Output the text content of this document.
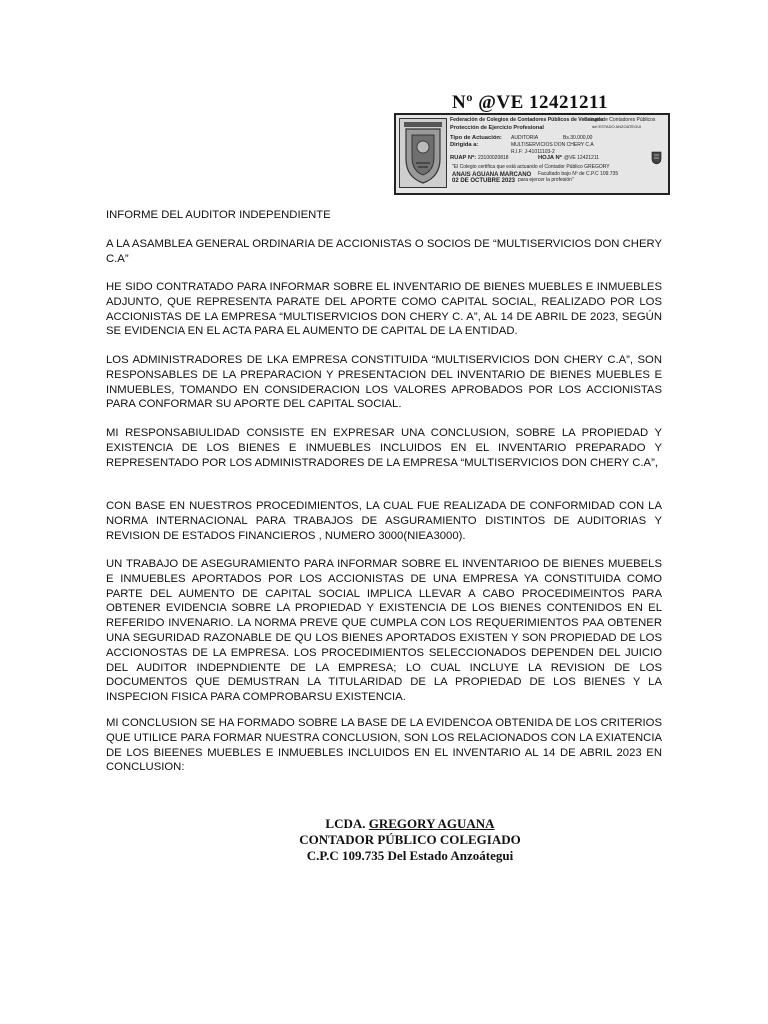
Nº @VE 12421211
Federación de Colegios de Contadores Públicos de Venezuela
Protección de Ejercicio Profesional
Colegio de Contadores Públicos
del ESTADO ANZOATEGUI
Tipo de Actuación: AUDITORIA	Bs.30.000,00
Dirigida a:	MULTISERVICIOS DON CHERY C.A
R.I.F: J-41011103-2
RUAP Nº: 23100020818	HOJA Nº @VE 12421211
"El Colegio certifica que está actuando el Contador Público GREGORY
ANAIS AGUANA MARCANO Facultado bajo Nº de C.P.C 109.735
02 DE OCTUBRE 2023 para ejercer la profesión"
INFORME DEL AUDITOR INDEPENDIENTE
A LA ASAMBLEA GENERAL ORDINARIA DE ACCIONISTAS O SOCIOS DE “MULTISERVICIOS DON CHERY C.A”
HE SIDO CONTRATADO PARA INFORMAR SOBRE EL INVENTARIO DE BIENES MUEBLES E INMUEBLES ADJUNTO, QUE REPRESENTA PARATE DEL APORTE COMO CAPITAL SOCIAL, REALIZADO POR LOS ACCIONISTAS DE LA EMPRESA “MULTISERVICIOS DON CHERY C. A”, AL 14 DE ABRIL DE 2023, SEGÚN SE EVIDENCIA EN EL ACTA PARA EL AUMENTO DE CAPITAL DE LA ENTIDAD.
LOS ADMINISTRADORES DE LKA EMPRESA CONSTITUIDA “MULTISERVICIOS DON CHERY C.A”, SON RESPONSABLES DE LA PREPARACION Y PRESENTACION DEL INVENTARIO DE BIENES MUEBLES E INMUEBLES, TOMANDO EN CONSIDERACION LOS VALORES APROBADOS POR LOS ACCIONISTAS PARA CONFORMAR SU APORTE DEL CAPITAL SOCIAL.
MI RESPONSABIULIDAD CONSISTE EN EXPRESAR UNA CONCLUSION, SOBRE LA PROPIEDAD Y EXISTENCIA DE LOS BIENES E INMUEBLES INCLUIDOS EN EL INVENTARIO PREPARADO Y REPRESENTADO POR LOS ADMINISTRADORES DE LA EMPRESA “MULTISERVICIOS DON CHERY C.A”,
CON BASE EN NUESTROS PROCEDIMIENTOS, LA CUAL FUE REALIZADA DE CONFORMIDAD CON LA NORMA INTERNACIONAL PARA TRABAJOS DE ASGURAMIENTO DISTINTOS DE AUDITORIAS Y REVISION DE ESTADOS FINANCIEROS , NUMERO 3000(NIEA3000).
UN TRABAJO DE ASEGURAMIENTO PARA INFORMAR SOBRE EL INVENTARIOO DE BIENES MUEBELS E INMUEBLES APORTADOS POR LOS ACCIONISTAS DE UNA EMPRESA YA CONSTITUIDA COMO PARTE DEL AUMENTO DE CAPITAL SOCIAL IMPLICA LLEVAR A CABO PROCEDIMEINTOS PARA OBTENER EVIDENCIA SOBRE LA PROPIEDAD Y EXISTENCIA DE LOS BIENES CONTENIDOS EN EL REFERIDO INVENARIO. LA NORMA PREVE QUE CUMPLA CON LOS REQUERIMIENTOS PAA OBTENER UNA SEGURIDAD RAZONABLE DE QU LOS BIENES APORTADOS EXISTEN Y SON PROPIEDAD DE LOS ACCIONOSTAS DE LA EMPRESA. LOS PROCEDIMIENTOS SELECCIONADOS DEPENDEN DEL JUICIO DEL AUDITOR INDEPNDIENTE DE LA EMPRESA; LO CUAL INCLUYE LA REVISION DE LOS DOCUMENTOS QUE DEMUSTRAN LA TITULARIDAD DE LA PROPIEDAD DE LOS BIENES Y LA INSPECION FISICA PARA COMPROBARSU EXISTENCIA.
MI CONCLUSION SE HA FORMADO SOBRE LA BASE DE LA EVIDENCOA OBTENIDA DE LOS CRITERIOS QUE UTILICE PARA FORMAR NUESTRA CONCLUSION, SON LOS RELACIONADOS CON LA EXIATENCIA DE LOS BIEENES MUEBLES E INMUEBLES INCLUIDOS EN EL INVENTARIO AL 14 DE ABRIL 2023 EN CONCLUSION:
LCDA. GREGORY AGUANA
CONTADOR PÚBLICO COLEGIADO
C.P.C 109.735 Del Estado Anzoátegui
